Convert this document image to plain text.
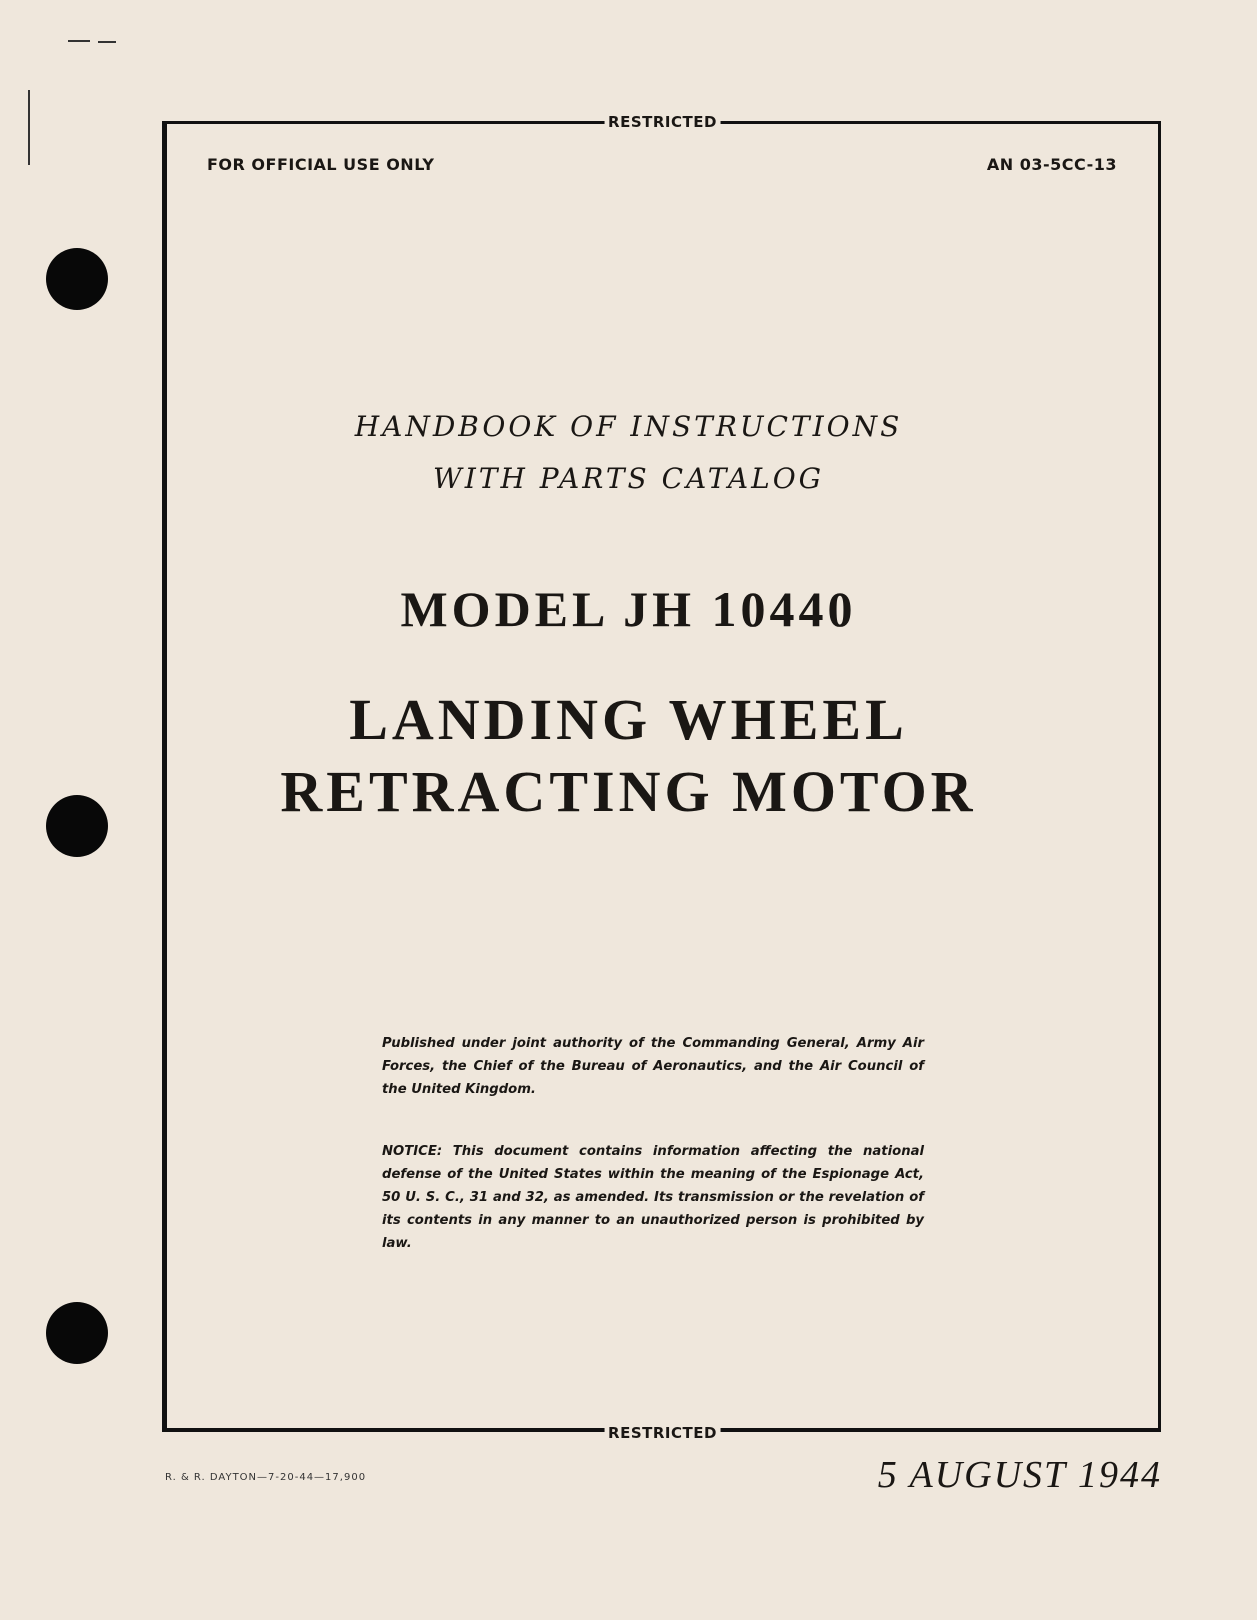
RESTRICTED
RESTRICTED
FOR OFFICIAL USE ONLY	AN 03-5CC-13
HANDBOOK OF INSTRUCTIONS
WITH PARTS CATALOG
MODEL JH 10440
LANDING WHEEL
RETRACTING MOTOR
Published under joint authority of the Commanding General, Army Air Forces, the Chief of the Bureau of Aeronautics, and the Air Council of the United Kingdom.
NOTICE: This document contains information affecting the national defense of the United States within the meaning of the Espionage Act, 50 U. S. C., 31 and 32, as amended. Its transmission or the revelation of its contents in any manner to an unauthorized person is prohibited by law.
R. & R. DAYTON—7-20-44—17,900	5 AUGUST 1944
